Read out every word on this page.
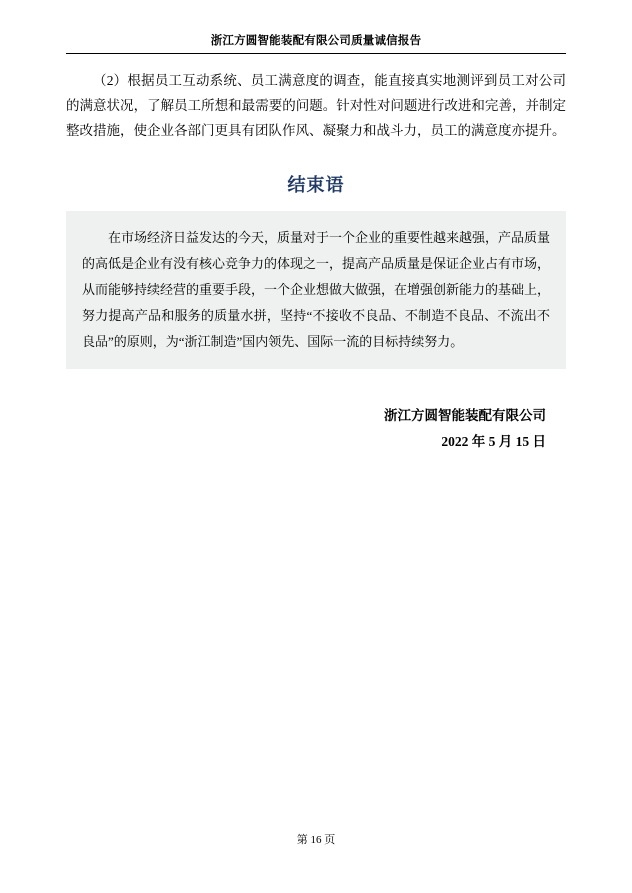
浙江方圆智能装配有限公司质量诚信报告

（2）根据员工互动系统、员工满意度的调查，能直接真实地测评到员工对公司的满意状况，了解员工所想和最需要的问题。针对性对问题进行改进和完善，并制定整改措施，使企业各部门更具有团队作风、凝聚力和战斗力，员工的满意度亦提升。

结束语

在市场经济日益发达的今天，质量对于一个企业的重要性越来越强，产品质量的高低是企业有没有核心竞争力的体现之一，提高产品质量是保证企业占有市场，从而能够持续经营的重要手段，一个企业想做大做强，在增强创新能力的基础上，努力提高产品和服务的质量水拼，坚持“不接收不良品、不制造不良品、不流出不良品”的原则，为“浙江制造”国内领先、国际一流的目标持续努力。

浙江方圆智能装配有限公司
2022 年 5 月 15 日
第 16 页
